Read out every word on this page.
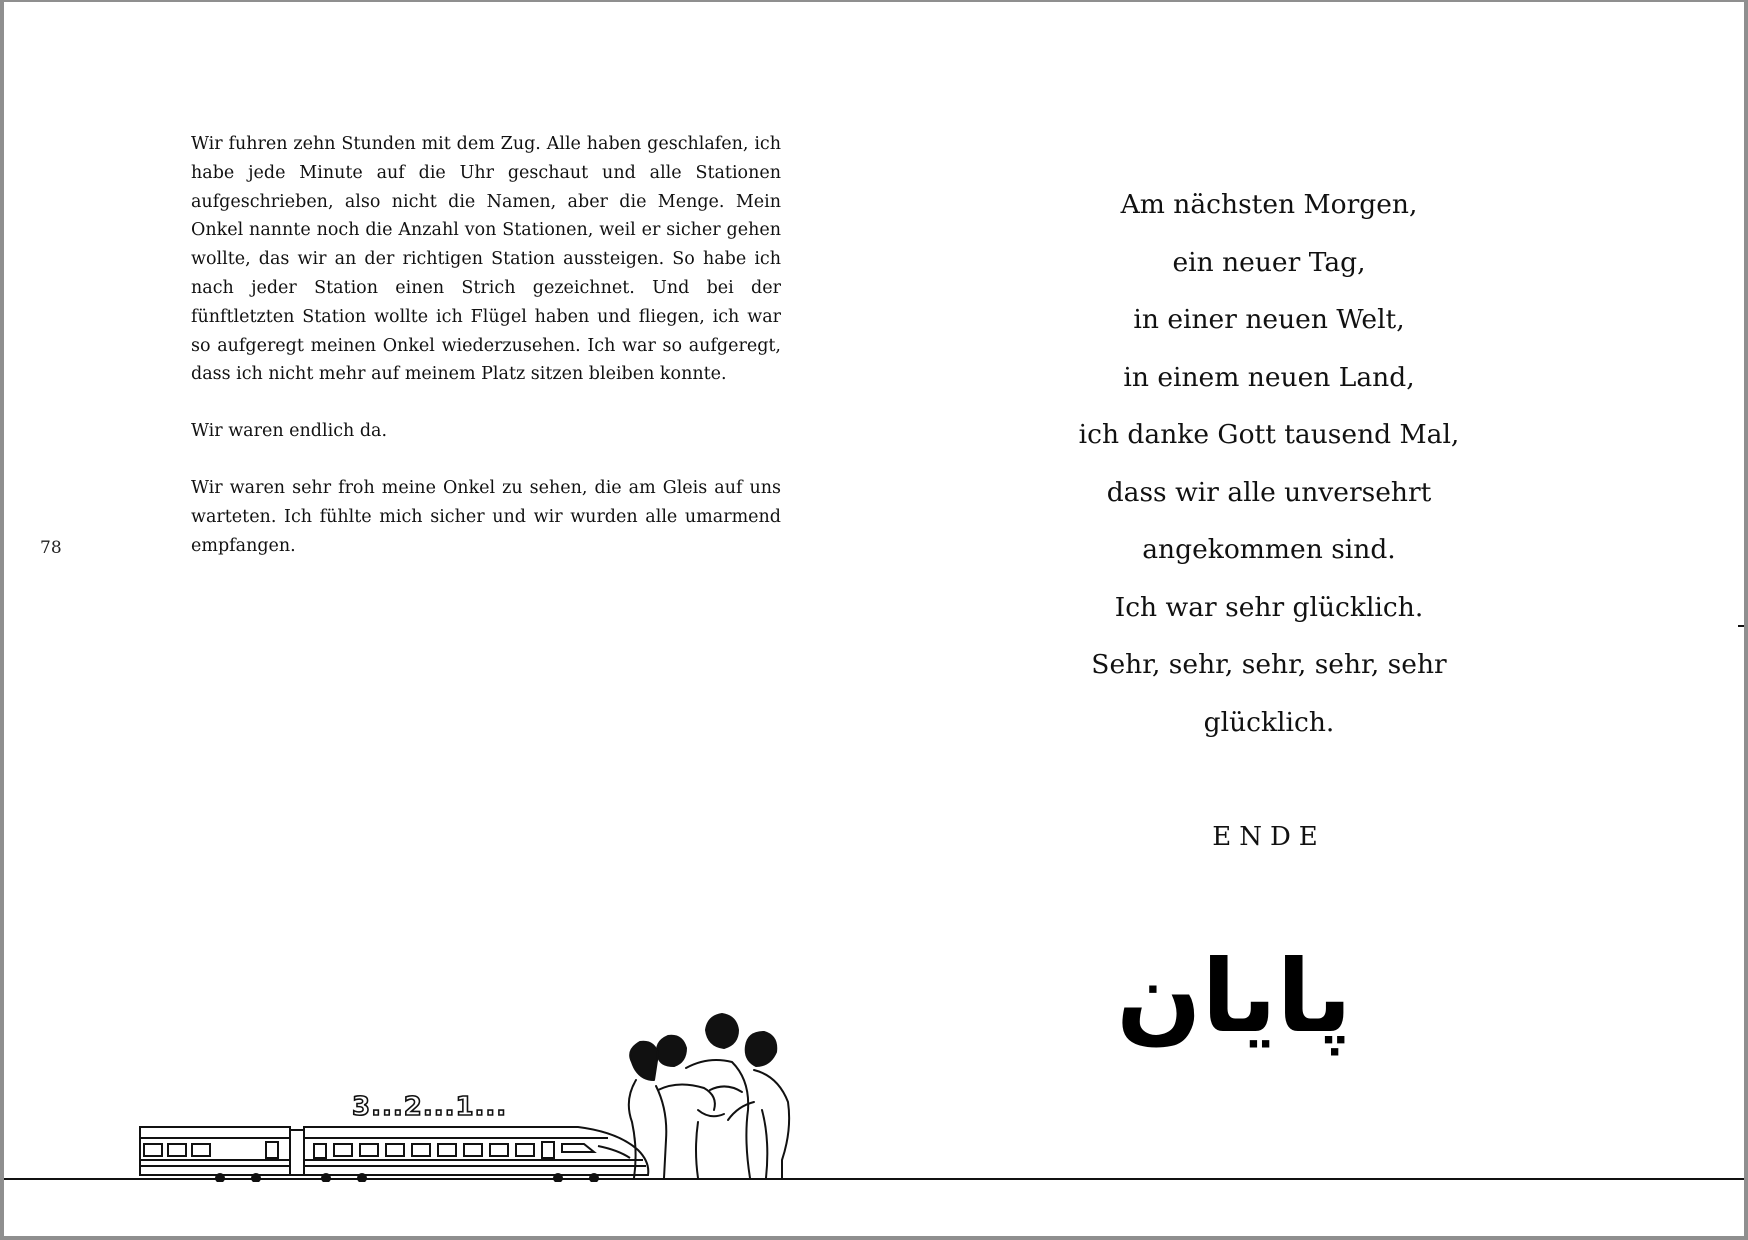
Wir fuhren zehn Stunden mit dem Zug. Alle haben geschlafen, ich habe jede Minute auf die Uhr geschaut und alle Stationen aufgeschrieben, also nicht die Namen, aber die Menge. Mein Onkel nannte noch die Anzahl von Stationen, weil er sicher gehen wollte, das wir an der richtigen Station aussteigen. So habe ich nach jeder Station einen Strich gezeichnet. Und bei der fünftletzten Station wollte ich Flügel haben und fliegen, ich war so aufgeregt meinen Onkel wiederzusehen. Ich war so aufgeregt, dass ich nicht mehr auf meinem Platz sitzen bleiben konnte.

Wir waren endlich da.

Wir waren sehr froh meine Onkel zu sehen, die am Gleis auf uns warteten. Ich fühlte mich sicher und wir wurden alle umarmend empfangen.

78
3...2...1...
Am nächsten Morgen,
ein neuer Tag,
in einer neuen Welt,
in einem neuen Land,
ich danke Gott tausend Mal,
dass wir alle unversehrt
angekommen sind.
Ich war sehr glücklich.
Sehr, sehr, sehr, sehr, sehr
glücklich.
ENDE
پایان
